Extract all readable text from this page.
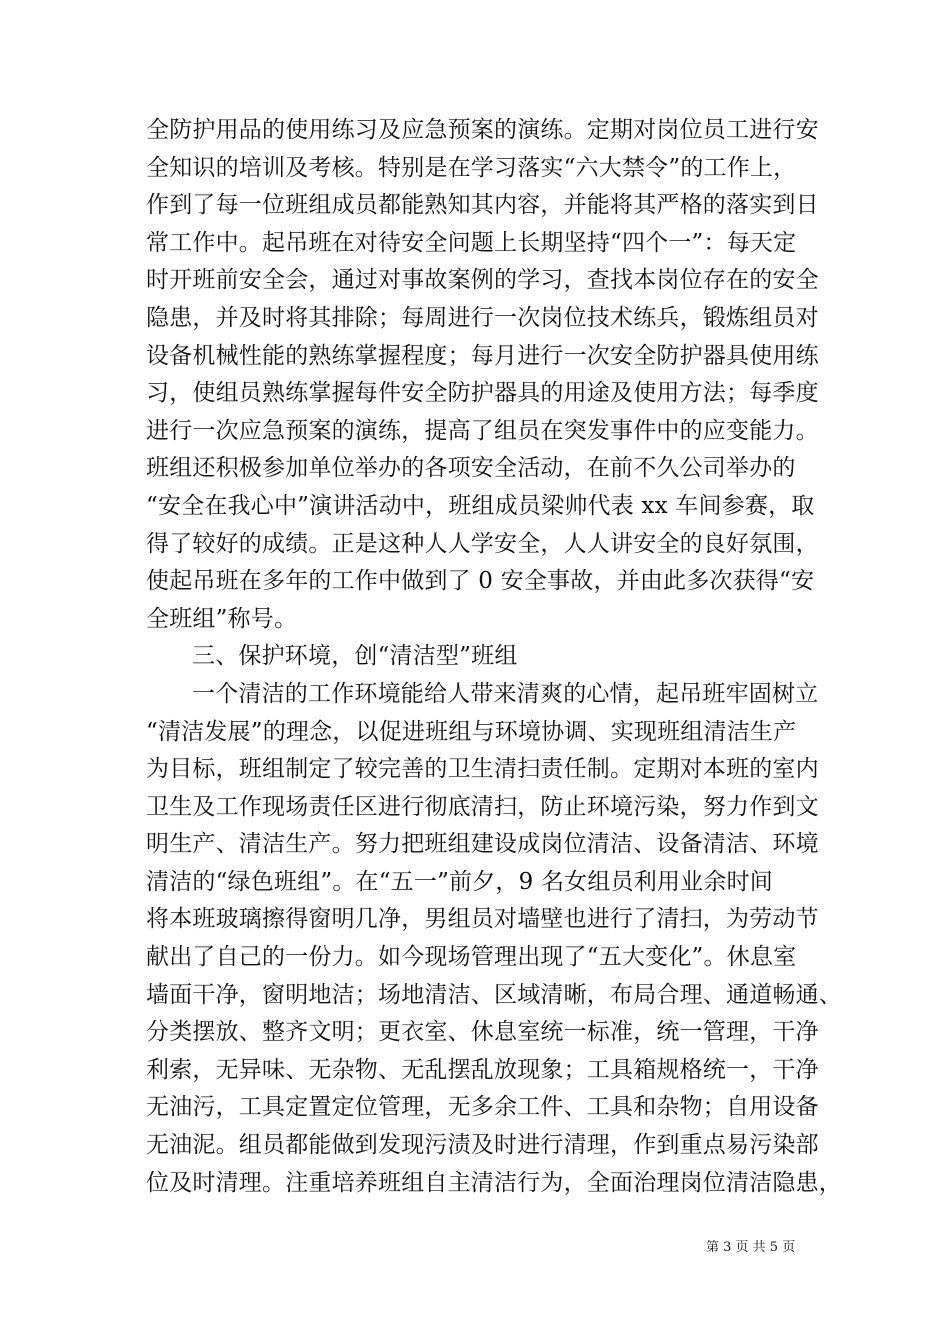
全防护用品的使用练习及应急预案的演练。定期对岗位员工进行安
全知识的培训及考核。特别是在学习落实“六大禁令”的工作上，
作到了每一位班组成员都能熟知其内容，并能将其严格的落实到日
常工作中。起吊班在对待安全问题上长期坚持“四个一”：每天定
时开班前安全会，通过对事故案例的学习，查找本岗位存在的安全
隐患，并及时将其排除；每周进行一次岗位技术练兵，锻炼组员对
设备机械性能的熟练掌握程度；每月进行一次安全防护器具使用练
习，使组员熟练掌握每件安全防护器具的用途及使用方法；每季度
进行一次应急预案的演练，提高了组员在突发事件中的应变能力。
班组还积极参加单位举办的各项安全活动，在前不久公司举办的
“安全在我心中”演讲活动中，班组成员梁帅代表 xx 车间参赛，取
得了较好的成绩。正是这种人人学安全，人人讲安全的良好氛围，
使起吊班在多年的工作中做到了 0 安全事故，并由此多次获得“安
全班组”称号。
三、保护环境，创“清洁型”班组
一个清洁的工作环境能给人带来清爽的心情，起吊班牢固树立
“清洁发展”的理念，以促进班组与环境协调、实现班组清洁生产
为目标，班组制定了较完善的卫生清扫责任制。定期对本班的室内
卫生及工作现场责任区进行彻底清扫，防止环境污染，努力作到文
明生产、清洁生产。努力把班组建设成岗位清洁、设备清洁、环境
清洁的“绿色班组”。在“五一”前夕，9 名女组员利用业余时间
将本班玻璃擦得窗明几净，男组员对墙壁也进行了清扫，为劳动节
献出了自己的一份力。如今现场管理出现了“五大变化”。休息室
墙面干净，窗明地洁；场地清洁、区域清晰，布局合理、通道畅通、
分类摆放、整齐文明；更衣室、休息室统一标准，统一管理，干净
利索，无异味、无杂物、无乱摆乱放现象；工具箱规格统一，干净
无油污，工具定置定位管理，无多余工件、工具和杂物；自用设备
无油泥。组员都能做到发现污渍及时进行清理，作到重点易污染部
位及时清理。注重培养班组自主清洁行为，全面治理岗位清洁隐患，
第 3 页 共 5 页
